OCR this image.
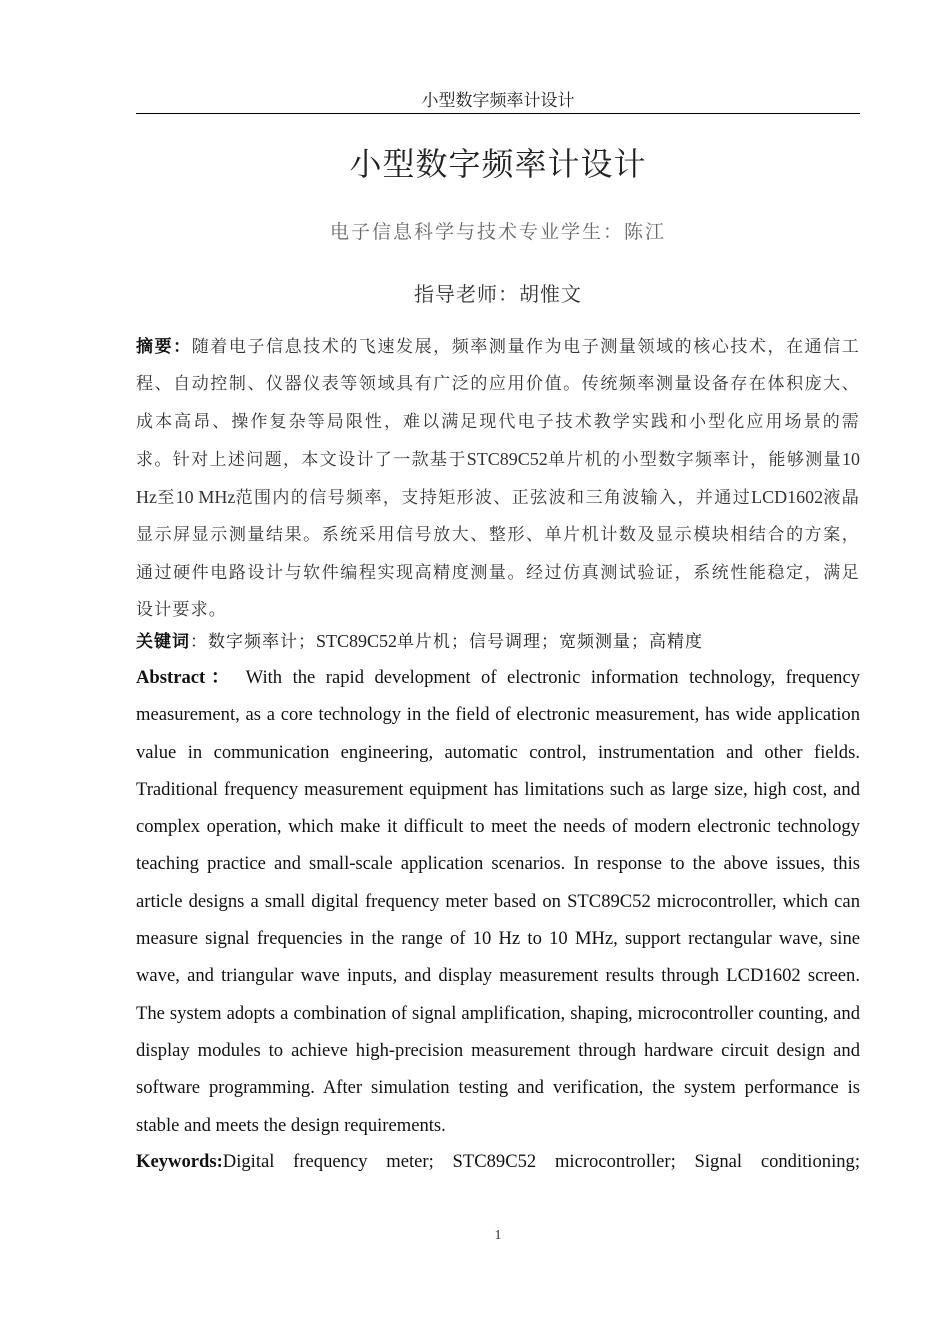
小型数字频率计设计
小型数字频率计设计
电子信息科学与技术专业学生：陈江
指导老师：胡惟文

摘要：随着电子信息技术的飞速发展，频率测量作为电子测量领域的核心技术，在通信工程、自动控制、仪器仪表等领域具有广泛的应用价值。传统频率测量设备存在体积庞大、成本高昂、操作复杂等局限性，难以满足现代电子技术教学实践和小型化应用场景的需求。针对上述问题，本文设计了一款基于STC89C52单片机的小型数字频率计，能够测量10 Hz至10 MHz范围内的信号频率，支持矩形波、正弦波和三角波输入，并通过LCD1602液晶显示屏显示测量结果。系统采用信号放大、整形、单片机计数及显示模块相结合的方案，通过硬件电路设计与软件编程实现高精度测量。经过仿真测试验证，系统性能稳定，满足设计要求。

关键词：数字频率计；STC89C52单片机；信号调理；宽频测量；高精度

Abstract： With the rapid development of electronic information technology, frequency measurement, as a core technology in the field of electronic measurement, has wide application value in communication engineering, automatic control, instrumentation and other fields. Traditional frequency measurement equipment has limitations such as large size, high cost, and complex operation, which make it difficult to meet the needs of modern electronic technology teaching practice and small-scale application scenarios. In response to the above issues, this article designs a small digital frequency meter based on STC89C52 microcontroller, which can measure signal frequencies in the range of 10 Hz to 10 MHz, support rectangular wave, sine wave, and triangular wave inputs, and display measurement results through LCD1602 screen. The system adopts a combination of signal amplification, shaping, microcontroller counting, and display modules to achieve high-precision measurement through hardware circuit design and software programming. After simulation testing and verification, the system performance is stable and meets the design requirements.

Keywords:Digital frequency meter; STC89C52 microcontroller; Signal conditioning;

1
